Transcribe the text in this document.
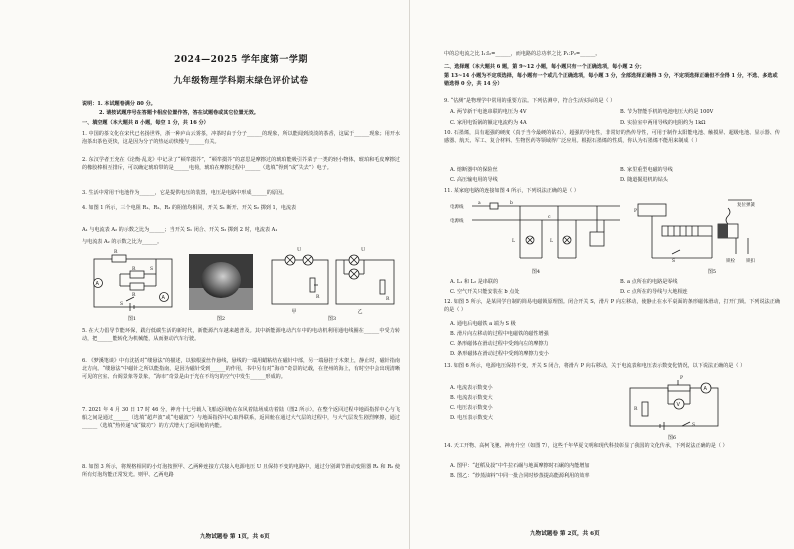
2024—2025 学年度第一学期
九年级物理学科期末绿色评价试卷
说明：1. 本试题卷满分 80 分。
2. 请按试题序号在答题卡相应位置作答，答在试题卷或其它位置无效。
一、填空题（本大题共 8 小题，每空 1 分，共 16 分）

1. 中国的茶文化在宋代已名扬世界，浙一种庐山云雾茶，冲茶时由于分子______的现象，所以能闻到淡淡的茶香，这属于______现象；用开水泡茶出茶色更快，这是因为分子的热运动快慢与______有关。

2. 东汉学者王充在《论衡·乱龙》中记录了“顿牟掇芥”，“顿牟掇芥”的意思是摩擦过的琥珀能吸引芥菜子一类的轻小物体，琥珀和毛皮摩擦过的橡胶棒相互排斥，可以确定琥珀带的是______电荷，琥珀在摩擦过程中______（选填“得到”或“失去”）电子。

3. 生活中常用干电池作为______，它是提供电压的装置，电压是电路中形成______的原因。

4. 如图 1 所示，三个电阻 R₁、R₂、R₃ 的阻值均相同，开关 S₁ 断开、开关 S₂ 掷到 1，电流表

A₁ 与电流表 A₂ 的示数之比为______；当开关 S₁ 闭合、开关 S₂ 掷到 2 时，电流表 A₁

与电流表 A₂ 的示数之比为______。

A
A
R
R
R
S
S
图1	图2
U	U
R	R
甲	乙
图3

5. 在大力倡导节能环保，践行低碳生活的新时代，新能源汽车越来越普及。其中新能源电动汽车中的电动机利用通电线圈在______中受力转动，把______能转化为机械能，从而驱动汽车行驶。

6. 《梦溪笔谈》中有沈括对“缕悬法”的描述，以独根蚕丝作悬线，悬线的一端用蜡粘结在磁针中部，另一端悬挂于木架上，静止时，磁针指南北方向。“缕悬法”中磁针之所以能指南，是因为磁针受到______的作用，书中另有对“海市”奇景的记载，在登州的海上，有时空中会出现清晰可见的宫室、台阁景象等景象，“海市”奇景是由于光在不均匀的空气中发生______形成的。

7. 2021 年 4 月 30 日 17 时 46 分，神舟十七号载人飞船返回舱在东风着陆场成功着陆（图2 所示）。在整个返回过程中地面指挥中心与飞船之间是通过______（选填“超声波”或“电磁波”）与地面指挥中心取得联系，返回舱在通过大气层的过程中，与大气层发生剧烈摩擦，通过______（选填“热传递”或“做功”）的方式增大了返回舱的内能。

8. 如图 3 所示，将规格相同的小灯泡按照甲、乙两种连接方式接入电源电压 U 且保持不变的电路中，通过分别调节滑动变阻器 R₁ 和 R₂ 使所有灯泡均能正常发光。则甲、乙两电路

九物试题卷 第 1页，共 6页

中的总电流之比 I₁:I₂=______，而电路的总功率之比 P₁:P₂=______。

二、选择题（本大题共 6 题，第 9~12 小题，每小题只有一个正确选项，每小题 2 分；
第 13~14 小题为不定项选择，每小题有一个或几个正确选项，每小题 3 分，全部选择正确得 3 分，不定项选择正确但不全得 1 分，不选、多选或错选得 0 分，共 14 分）

9. “估测”是物理学中常用的重要方法。下列估测中，符合生活实际的是（ ）

A. 两节新干电池串联的电压为 4V	B. 节为智能手机的电池电压大约是 100V
C. 家用电饭锅的额定电流约为 4A	D. 实验室中两用导线的电阻约为 1kΩ

10. 石墨烯，具有超强的硬度（真于当今最硬的钻石），超强的导电性，非常好的热传导性，可用于制作太阳能电池、触摸屏、超级电池、显示器、传感器、航天、军工、复合材料、生物医药等领域得广泛应用。根据石墨烯的性质，你认为石墨烯不能用来制成（ ）

A. 熔断器中的保险丝	B. 家里重型电磁的导线
C. 高压输电用的导线	D. 随道掘进机的钻头

11. 某家庭电路的连接如图 4 所示，下列说法正确的是（ ）

电源线
电源线
a	b
c
L	L
图4
复位弹簧
锁栓 锁扣
P
S
图5
A. L₁ 和 L₂ 是串联的	B. a 点所在的电路是零线
C. 空气开关只能安装在 b 点处	D. c 点所在的导线与大地相连

12. 如图 5 所示，是某同学自制的简易电磁锁原理图。闭合开关 S，滑片 P 向左移动，使静止在水平桌面的条形磁体滑动，打开门锁。下列说法正确的是（ ）

A. 通电后电磁铁 a 端为 S 极
B. 滑片向左移动的过程中电磁铁的磁性增强
C. 条形磁体在滑动过程中受到向左的摩擦力
D. 条形磁体在滑动过程中受到的摩擦力变小

13. 如图 6 所示，电源电压保持不变，开关 S 闭合，将滑片 P 向右移动，关于电流表和电压表示数变化情况，以下说法正确的是（ ）

A. 电流表示数变小
B. 电流表示数变大
C. 电压表示数变小
D. 电压表示数变大
A
V
R
P
S
图6

14. 天工开物、高柯飞驰、神舟升空（如图 7），这些千年华夏文明和现代科技彰显了我国的文化传承，下列说法正确的是（ ）

A. 图甲：“赶稻及菽”中牛拉石碾与地面摩擦时石碾的内能增加
B. 图乙：“炒蒸油料”中同一批合同时炒蒸提高能源利用的效率
九物试题卷 第 2页，共 6页
